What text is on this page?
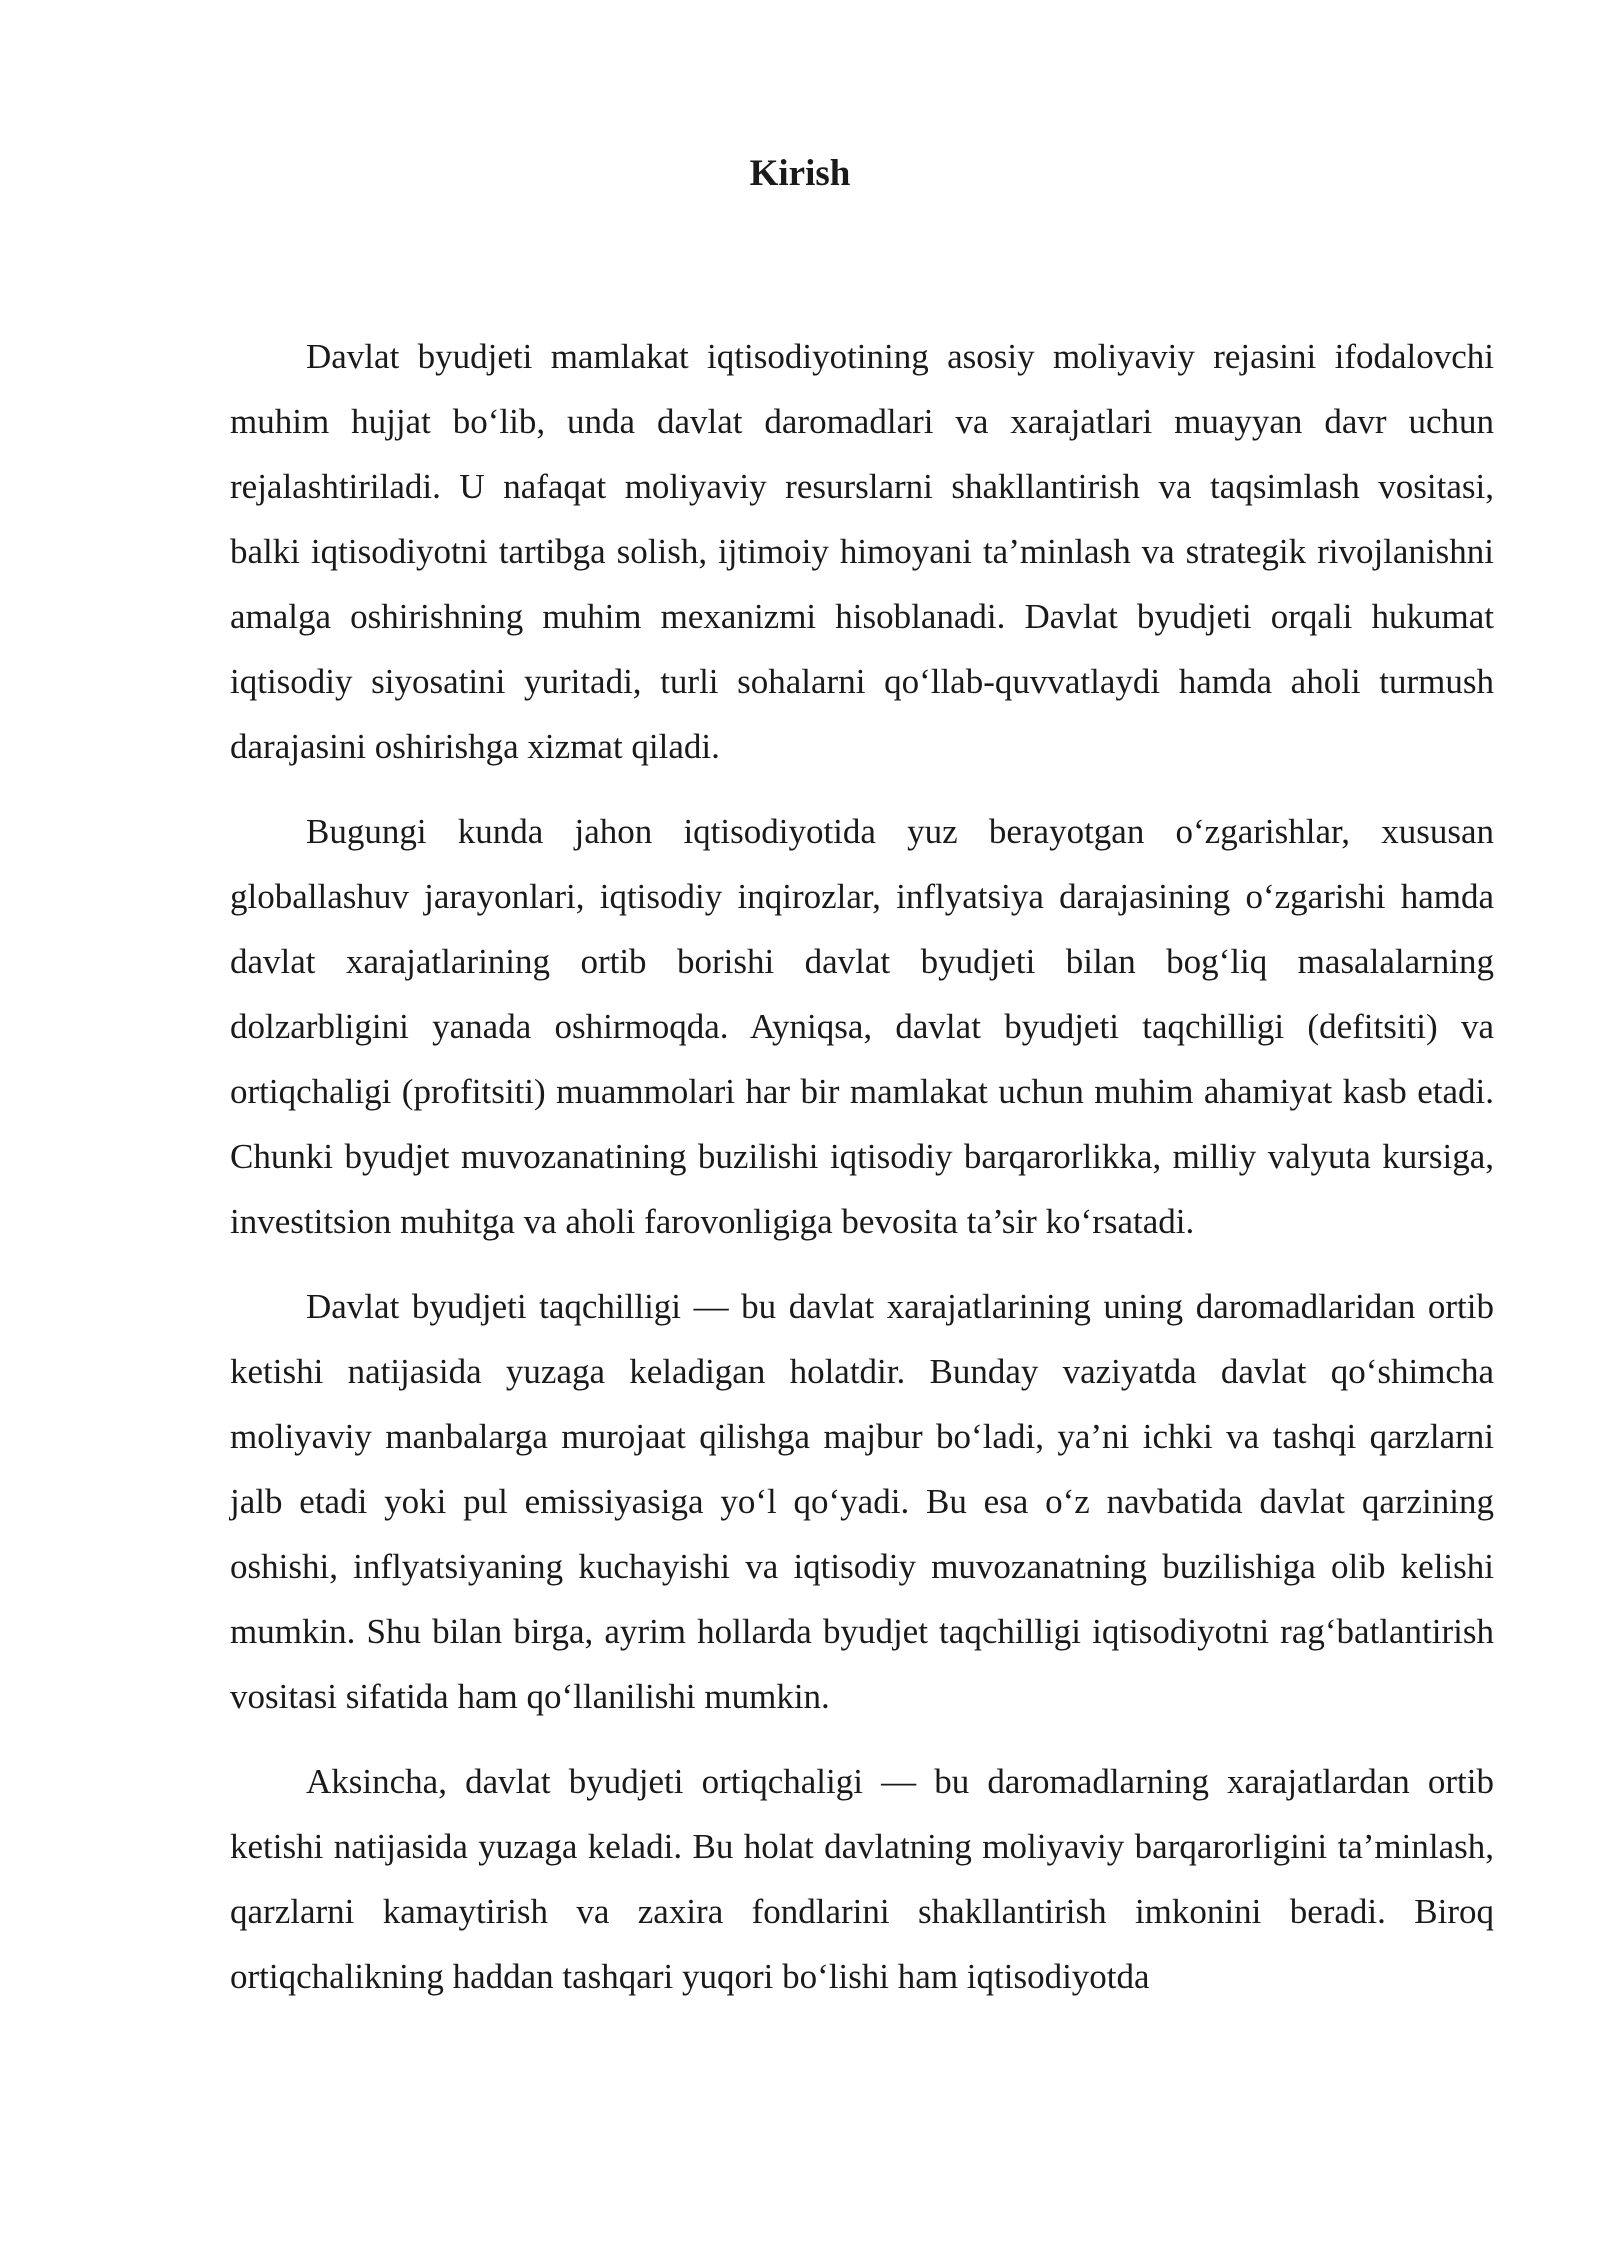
Kirish

Davlat byudjeti mamlakat iqtisodiyotining asosiy moliyaviy rejasini ifodalovchi muhim hujjat bo‘lib, unda davlat daromadlari va xarajatlari muayyan davr uchun rejalashtiriladi. U nafaqat moliyaviy resurslarni shakllantirish va taqsimlash vositasi, balki iqtisodiyotni tartibga solish, ijtimoiy himoyani ta’minlash va strategik rivojlanishni amalga oshirishning muhim mexanizmi hisoblanadi. Davlat byudjeti orqali hukumat iqtisodiy siyosatini yuritadi, turli sohalarni qo‘llab-quvvatlaydi hamda aholi turmush darajasini oshirishga xizmat qiladi.

Bugungi kunda jahon iqtisodiyotida yuz berayotgan o‘zgarishlar, xususan globallashuv jarayonlari, iqtisodiy inqirozlar, inflyatsiya darajasining o‘zgarishi hamda davlat xarajatlarining ortib borishi davlat byudjeti bilan bog‘liq masalalarning dolzarbligini yanada oshirmoqda. Ayniqsa, davlat byudjeti taqchilligi (defitsiti) va ortiqchaligi (profitsiti) muammolari har bir mamlakat uchun muhim ahamiyat kasb etadi. Chunki byudjet muvozanatining buzilishi iqtisodiy barqarorlikka, milliy valyuta kursiga, investitsion muhitga va aholi farovonligiga bevosita ta’sir ko‘rsatadi.

Davlat byudjeti taqchilligi — bu davlat xarajatlarining uning daromadlaridan ortib ketishi natijasida yuzaga keladigan holatdir. Bunday vaziyatda davlat qo‘shimcha moliyaviy manbalarga murojaat qilishga majbur bo‘ladi, ya’ni ichki va tashqi qarzlarni jalb etadi yoki pul emissiyasiga yo‘l qo‘yadi. Bu esa o‘z navbatida davlat qarzining oshishi, inflyatsiyaning kuchayishi va iqtisodiy muvozanatning buzilishiga olib kelishi mumkin. Shu bilan birga, ayrim hollarda byudjet taqchilligi iqtisodiyotni rag‘batlantirish vositasi sifatida ham qo‘llanilishi mumkin.

Aksincha, davlat byudjeti ortiqchaligi — bu daromadlarning xarajatlardan ortib ketishi natijasida yuzaga keladi. Bu holat davlatning moliyaviy barqarorligini ta’minlash, qarzlarni kamaytirish va zaxira fondlarini shakllantirish imkonini beradi. Biroq ortiqchalikning haddan tashqari yuqori bo‘lishi ham iqtisodiyotda
